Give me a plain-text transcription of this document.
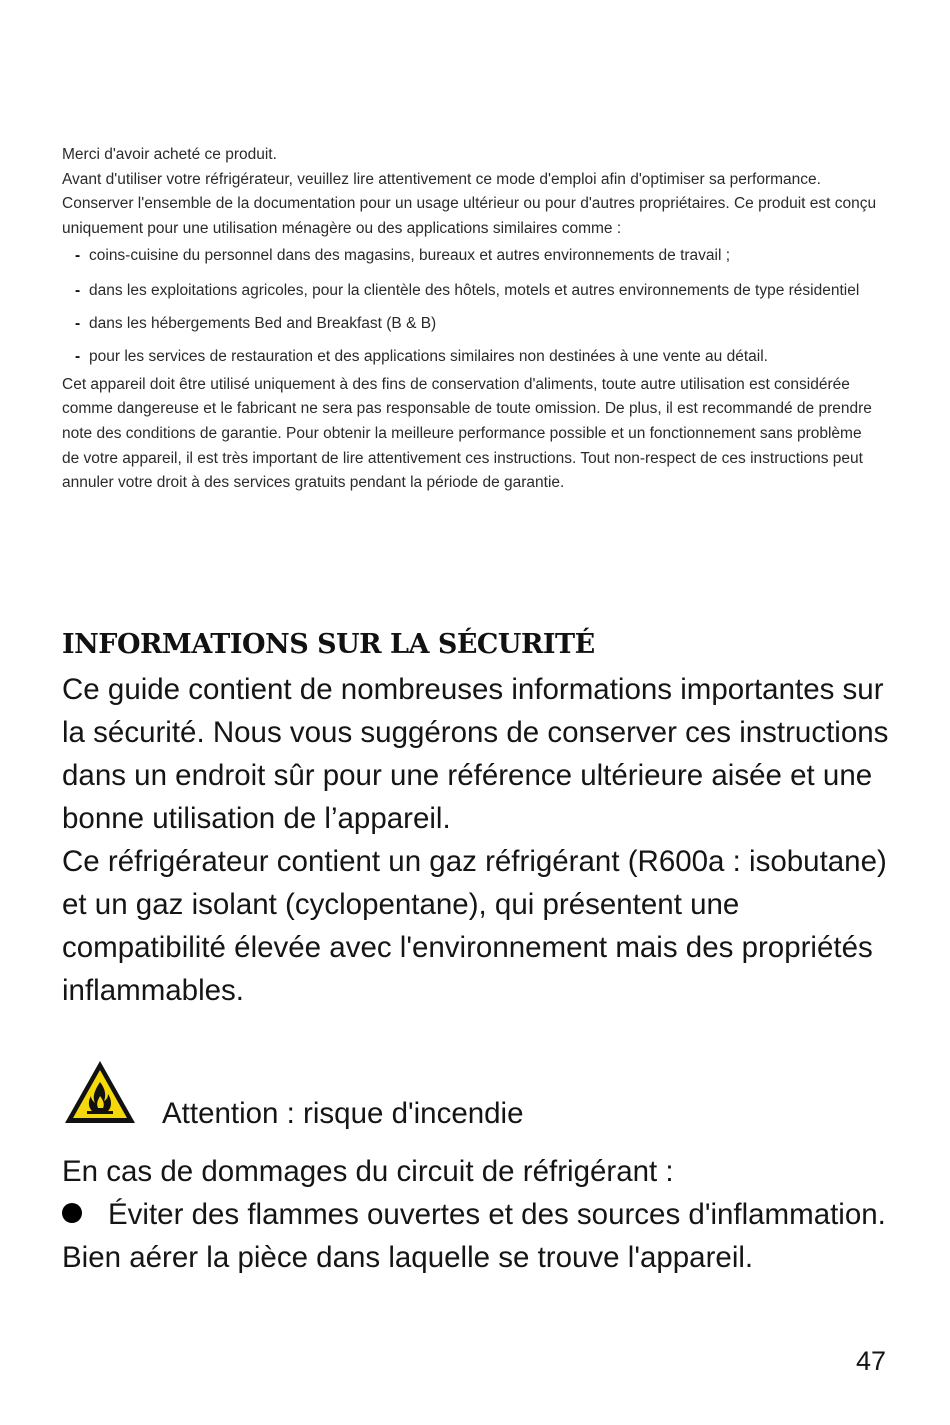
Merci d'avoir acheté ce produit.

Avant d'utiliser votre réfrigérateur, veuillez lire attentivement ce mode d'emploi afin d'optimiser sa performance. Conserver l'ensemble de la documentation pour un usage ultérieur ou pour d'autres propriétaires. Ce produit est conçu uniquement pour une utilisation ménagère ou des applications similaires comme :

- coins-cuisine du personnel dans des magasins, bureaux et autres environnements de travail ;
- dans les exploitations agricoles, pour la clientèle des hôtels, motels et autres environnements de type résidentiel
- dans les hébergements Bed and Breakfast (B & B)
- pour les services de restauration et des applications similaires non destinées à une vente au détail.

Cet appareil doit être utilisé uniquement à des fins de conservation d'aliments, toute autre utilisation est considérée comme dangereuse et le fabricant ne sera pas responsable de toute omission. De plus, il est recommandé de prendre note des conditions de garantie. Pour obtenir la meilleure performance possible et un fonctionnement sans problème de votre appareil, il est très important de lire attentivement ces instructions. Tout non-respect de ces instructions peut annuler votre droit à des services gratuits pendant la période de garantie.

INFORMATIONS SUR LA SÉCURITÉ

Ce guide contient de nombreuses informations importantes sur la sécurité. Nous vous suggérons de conserver ces instructions dans un endroit sûr pour une référence ultérieure aisée et une bonne utilisation de l’appareil.

Ce réfrigérateur contient un gaz réfrigérant (R600a : isobutane) et un gaz isolant (cyclopentane), qui présentent une compatibilité élevée avec l'environnement mais des propriétés inflammables.

Attention : risque d'incendie

En cas de dommages du circuit de réfrigérant :

Éviter des flammes ouvertes et des sources d'inflammation.

Bien aérer la pièce dans laquelle se trouve l'appareil.

47
